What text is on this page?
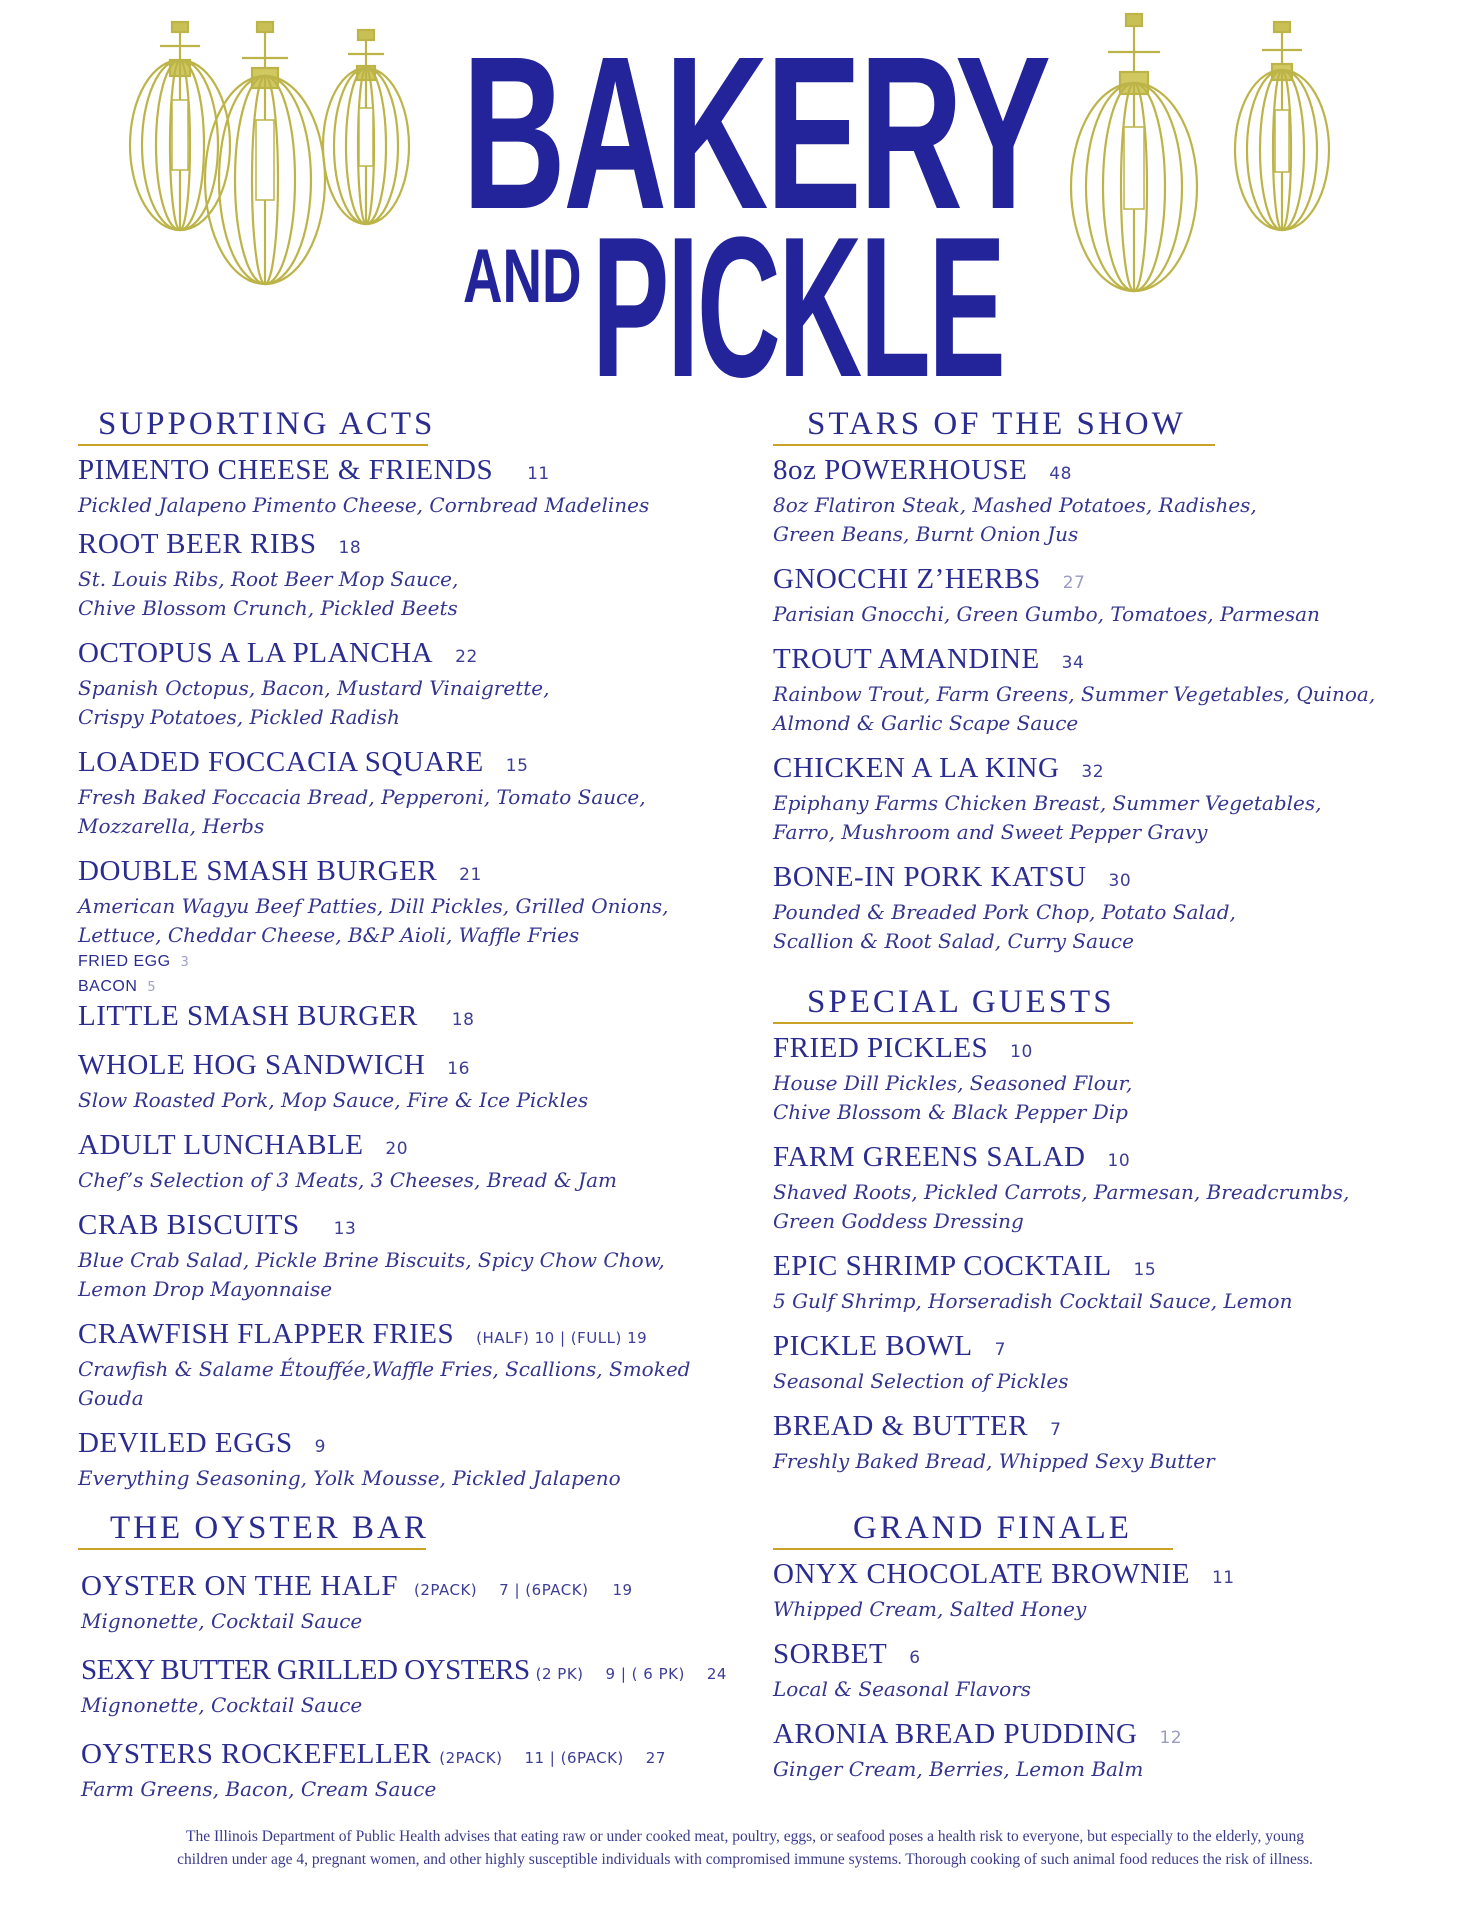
BAKERY
AND PICKLE
SUPPORTING ACTS
PIMENTO CHEESE & FRIENDS 11
Pickled Jalapeno Pimento Cheese, Cornbread Madelines
ROOT BEER RIBS 18
St. Louis Ribs, Root Beer Mop Sauce,
Chive Blossom Crunch, Pickled Beets
OCTOPUS A LA PLANCHA 22
Spanish Octopus, Bacon, Mustard Vinaigrette,
Crispy Potatoes, Pickled Radish
LOADED FOCCACIA SQUARE 15
Fresh Baked Foccacia Bread, Pepperoni, Tomato Sauce,
Mozzarella, Herbs
DOUBLE SMASH BURGER 21
American Wagyu Beef Patties, Dill Pickles, Grilled Onions,
Lettuce, Cheddar Cheese, B&P Aioli, Waffle Fries
FRIED EGG 3
BACON 5
LITTLE SMASH BURGER 18
WHOLE HOG SANDWICH 16
Slow Roasted Pork, Mop Sauce, Fire & Ice Pickles
ADULT LUNCHABLE 20
Chef’s Selection of 3 Meats, 3 Cheeses, Bread & Jam
CRAB BISCUITS 13
Blue Crab Salad, Pickle Brine Biscuits, Spicy Chow Chow,
Lemon Drop Mayonnaise
CRAWFISH FLAPPER FRIES (HALF) 10 | (FULL) 19
Crawfish & Salame Étouffée,Waffle Fries, Scallions, Smoked
Gouda
DEVILED EGGS 9
Everything Seasoning, Yolk Mousse, Pickled Jalapeno
STARS OF THE SHOW
8oz POWERHOUSE 48
8oz Flatiron Steak, Mashed Potatoes, Radishes,
Green Beans, Burnt Onion Jus
GNOCCHI Z’HERBS 27
Parisian Gnocchi, Green Gumbo, Tomatoes, Parmesan
TROUT AMANDINE 34
Rainbow Trout, Farm Greens, Summer Vegetables, Quinoa,
Almond & Garlic Scape Sauce
CHICKEN A LA KING 32
Epiphany Farms Chicken Breast, Summer Vegetables,
Farro, Mushroom and Sweet Pepper Gravy
BONE-IN PORK KATSU 30
Pounded & Breaded Pork Chop, Potato Salad,
Scallion & Root Salad, Curry Sauce
SPECIAL GUESTS
FRIED PICKLES 10
House Dill Pickles, Seasoned Flour,
Chive Blossom & Black Pepper Dip
FARM GREENS SALAD 10
Shaved Roots, Pickled Carrots, Parmesan, Breadcrumbs,
Green Goddess Dressing
EPIC SHRIMP COCKTAIL 15
5 Gulf Shrimp, Horseradish Cocktail Sauce, Lemon
PICKLE BOWL 7
Seasonal Selection of Pickles
BREAD & BUTTER 7
Freshly Baked Bread, Whipped Sexy Butter
THE OYSTER BAR
OYSTER ON THE HALF (2PACK) 7 | (6PACK) 19
Mignonette, Cocktail Sauce
SEXY BUTTER GRILLED OYSTERS (2 PK) 9 | ( 6 PK) 24
Mignonette, Cocktail Sauce
OYSTERS ROCKEFELLER (2PACK) 11 | (6PACK) 27
Farm Greens, Bacon, Cream Sauce
GRAND FINALE
ONYX CHOCOLATE BROWNIE 11
Whipped Cream, Salted Honey
SORBET 6
Local & Seasonal Flavors
ARONIA BREAD PUDDING 12
Ginger Cream, Berries, Lemon Balm
The Illinois Department of Public Health advises that eating raw or under cooked meat, poultry, eggs, or seafood poses a health risk to everyone, but especially to the elderly, young
children under age 4, pregnant women, and other highly susceptible individuals with compromised immune systems. Thorough cooking of such animal food reduces the risk of illness.
